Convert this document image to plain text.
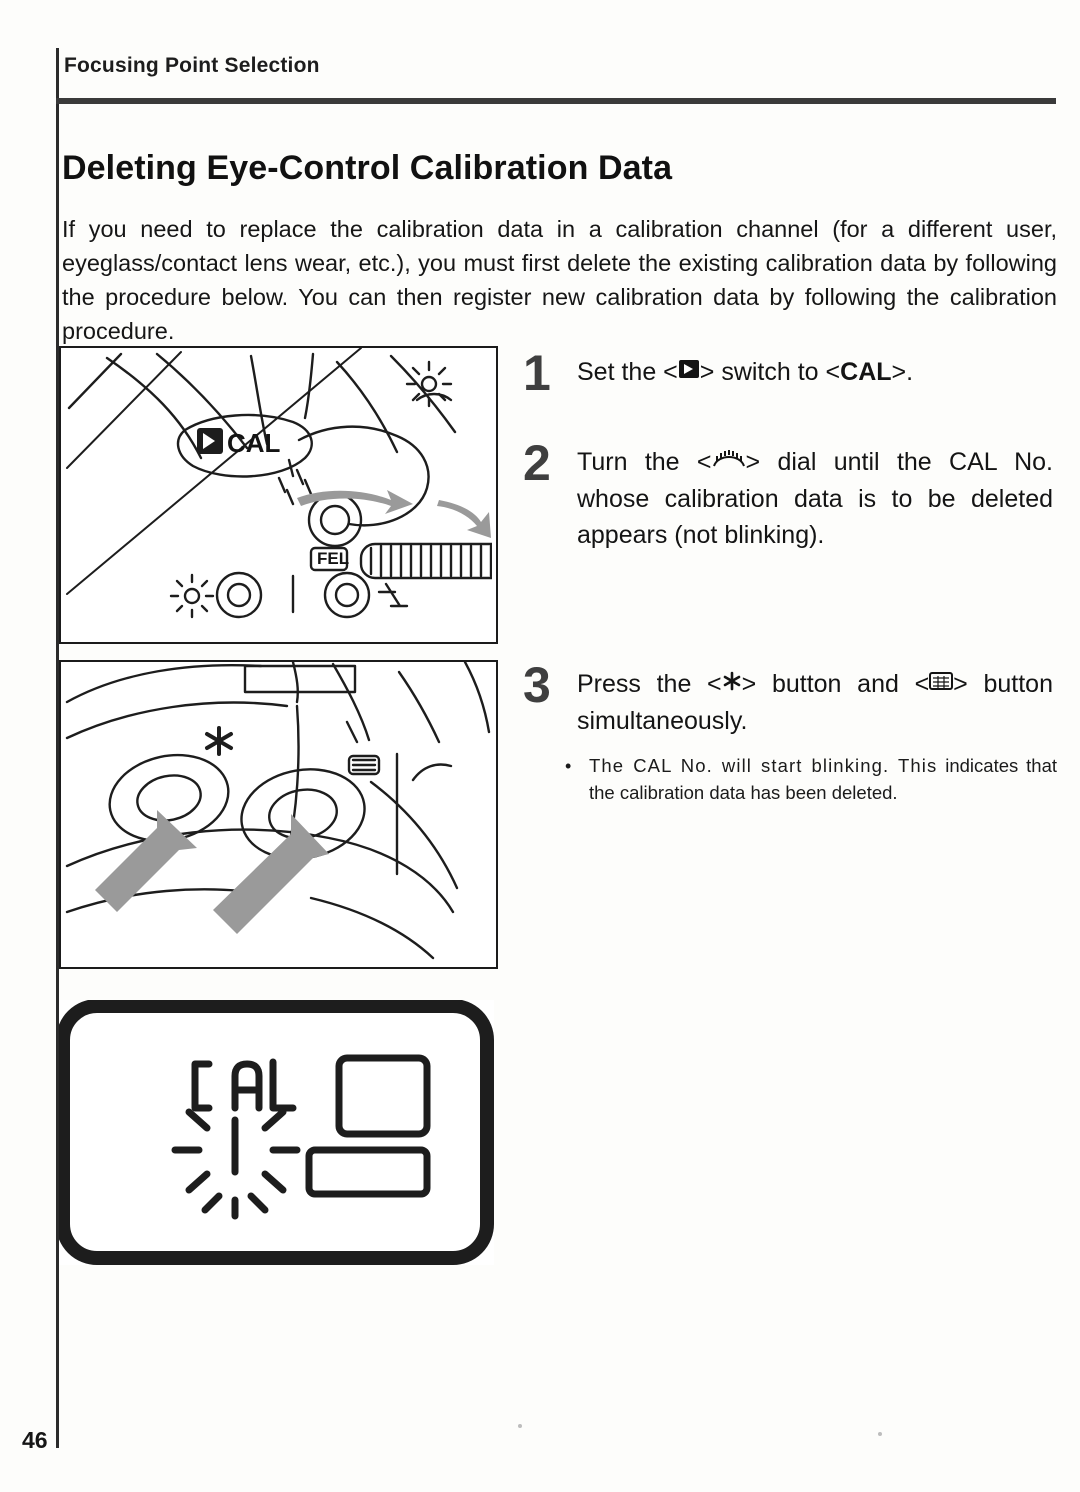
Focusing Point Selection
Deleting Eye-Control Calibration Data

If you need to replace the calibration data in a calibration channel (for a different user, eyeglass/contact lens wear, etc.), you must first delete the existing calibration data by following the procedure below. You can then register new calibration data by following the calibration procedure.

CAL
FEL
1 Set the < > switch to <CAL>.
2 Turn the < > dial until the CAL No. whose calibration data is to be deleted appears (not blinking).
3 Press the < > button and < > button simultaneously.
• The CAL No. will start blinking. This indicates that the calibration data has been deleted.
46
